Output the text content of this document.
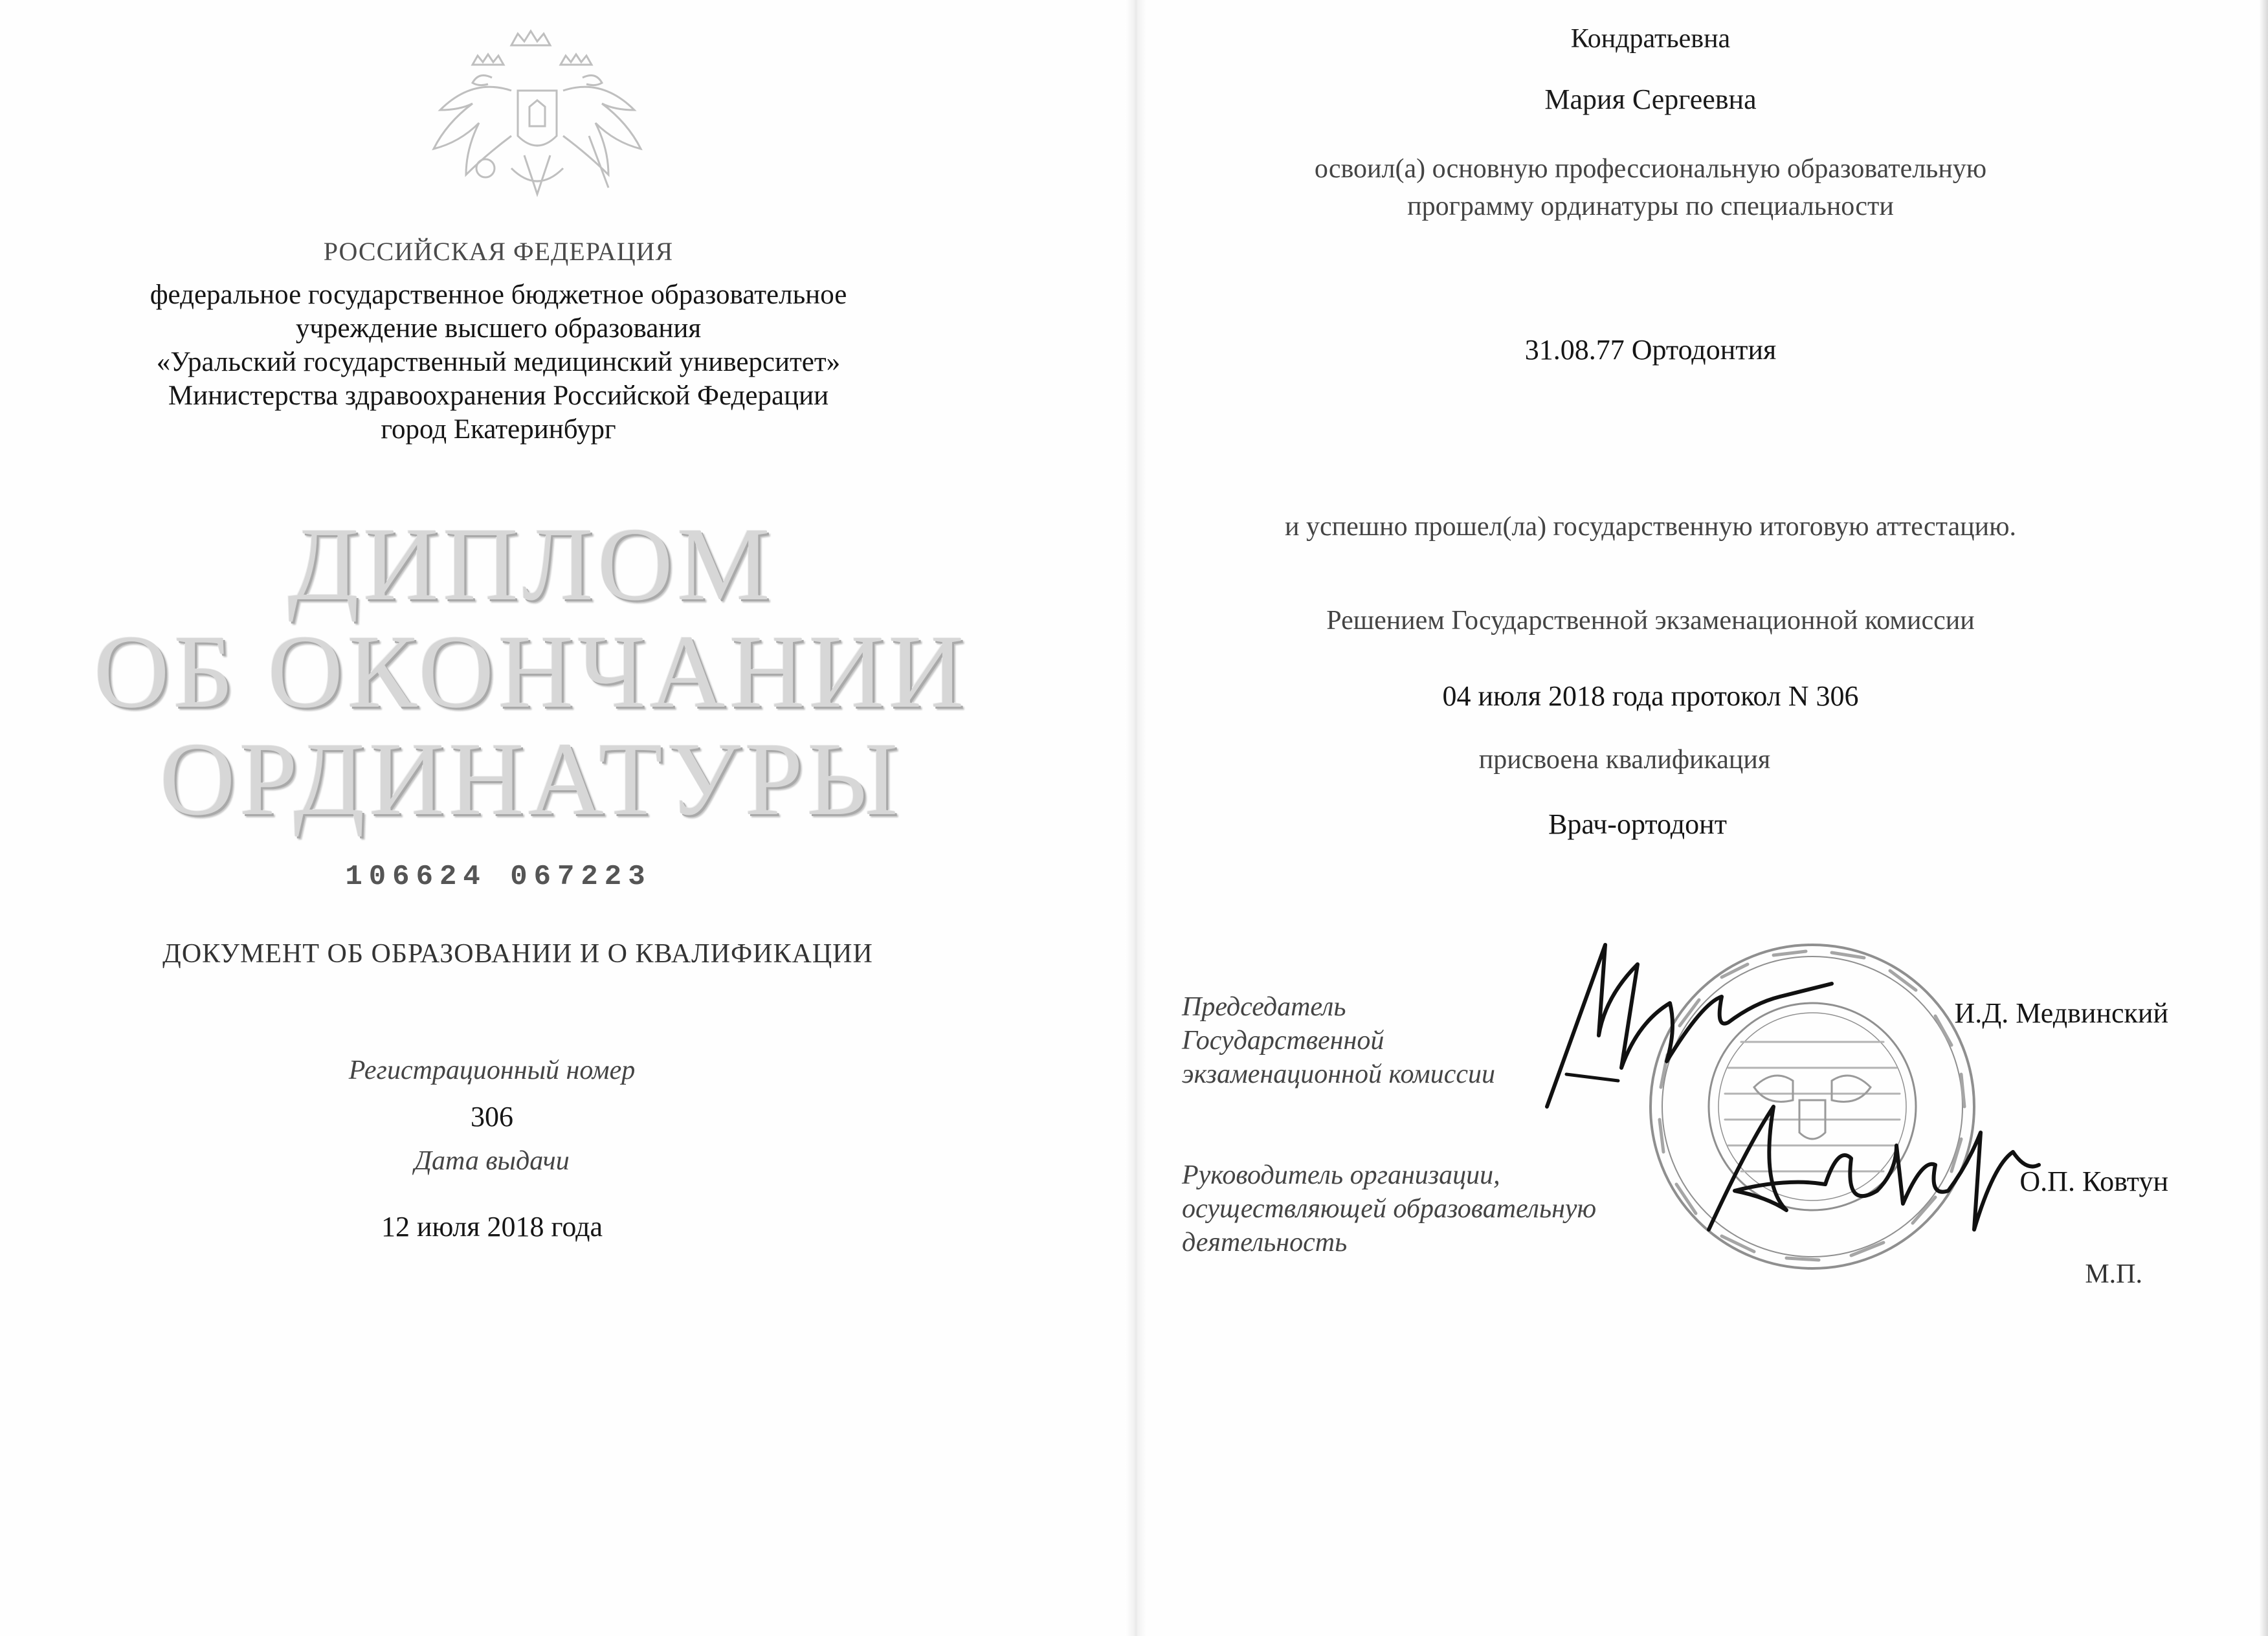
РОССИЙСКАЯ ФЕДЕРАЦИЯ
федеральное государственное бюджетное образовательное
учреждение высшего образования
«Уральский государственный медицинский университет»
Министерства здравоохранения Российской Федерации
город Екатеринбург
ДИПЛОМ
ОБ ОКОНЧАНИИ
ОРДИНАТУРЫ
106624 067223
ДОКУМЕНТ ОБ ОБРАЗОВАНИИ И О КВАЛИФИКАЦИИ
Регистрационный номер
306
Дата выдачи
12 июля 2018 года
Кондратьевна
Мария Сергеевна
освоил(а) основную профессиональную образовательную
программу ординатуры по специальности
31.08.77 Ортодонтия
и успешно прошел(ла) государственную итоговую аттестацию.
Решением Государственной экзаменационной комиссии
04 июля 2018 года протокол N 306
присвоена квалификация
Врач-ортодонт
Председатель
Государственной
экзаменационной комиссии
И.Д. Медвинский
Руководитель организации,
осуществляющей образовательную
деятельность
О.П. Ковтун
М.П.
